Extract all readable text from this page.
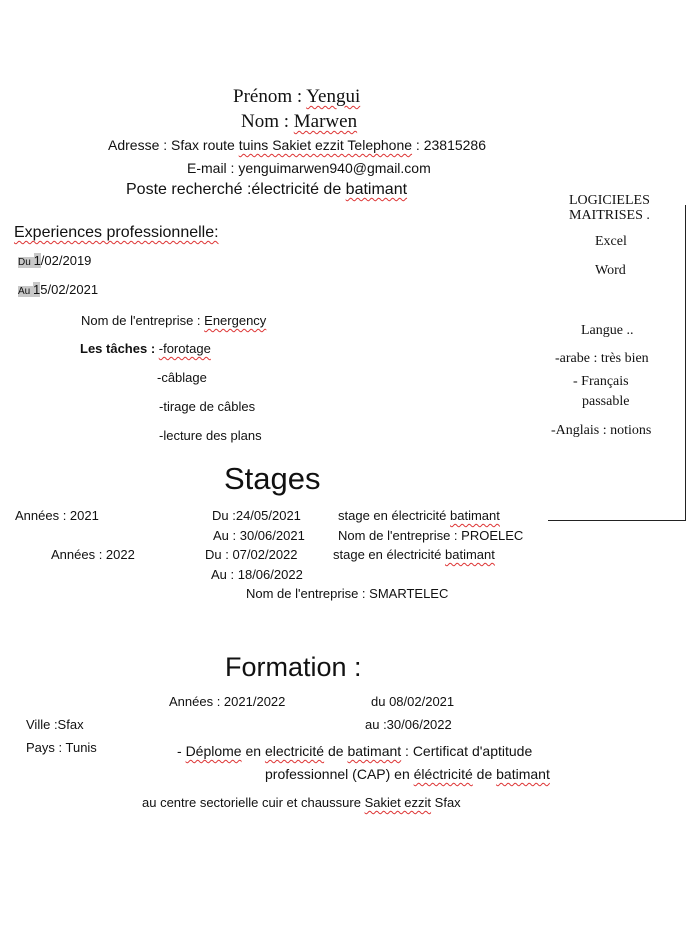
Prénom : Yengui
Nom : Marwen
Adresse : Sfax route tuins Sakiet ezzit Telephone : 23815286
E-mail : yenguimarwen940@gmail.com
Poste recherché :électricité de batimant
LOGICIELES
MAITRISES .
Excel
Word
Langue ..
-arabe : très bien
- Français
passable
-Anglais : notions
Experiences professionnelle:
Du 1/02/2019
Au 15/02/2021
Nom de l'entreprise : Energency
Les tâches : -forotage
-câblage
-tirage de câbles
-lecture des plans
Stages
Années : 2021	Du :24/05/2021	stage en électricité batimant
Au : 30/06/2021	Nom de l'entreprise : PROELEC
Années : 2022	Du : 07/02/2022	stage en électricité batimant
Au : 18/06/2022
Nom de l'entreprise : SMARTELEC
Formation :
Années : 2021/2022	du 08/02/2021
Ville :Sfax	au :30/06/2022
Pays : Tunis	- Déplome en electricité de batimant : Certificat d'aptitude
professionnel (CAP) en éléctricité de batimant
au centre sectorielle cuir et chaussure Sakiet ezzit Sfax
